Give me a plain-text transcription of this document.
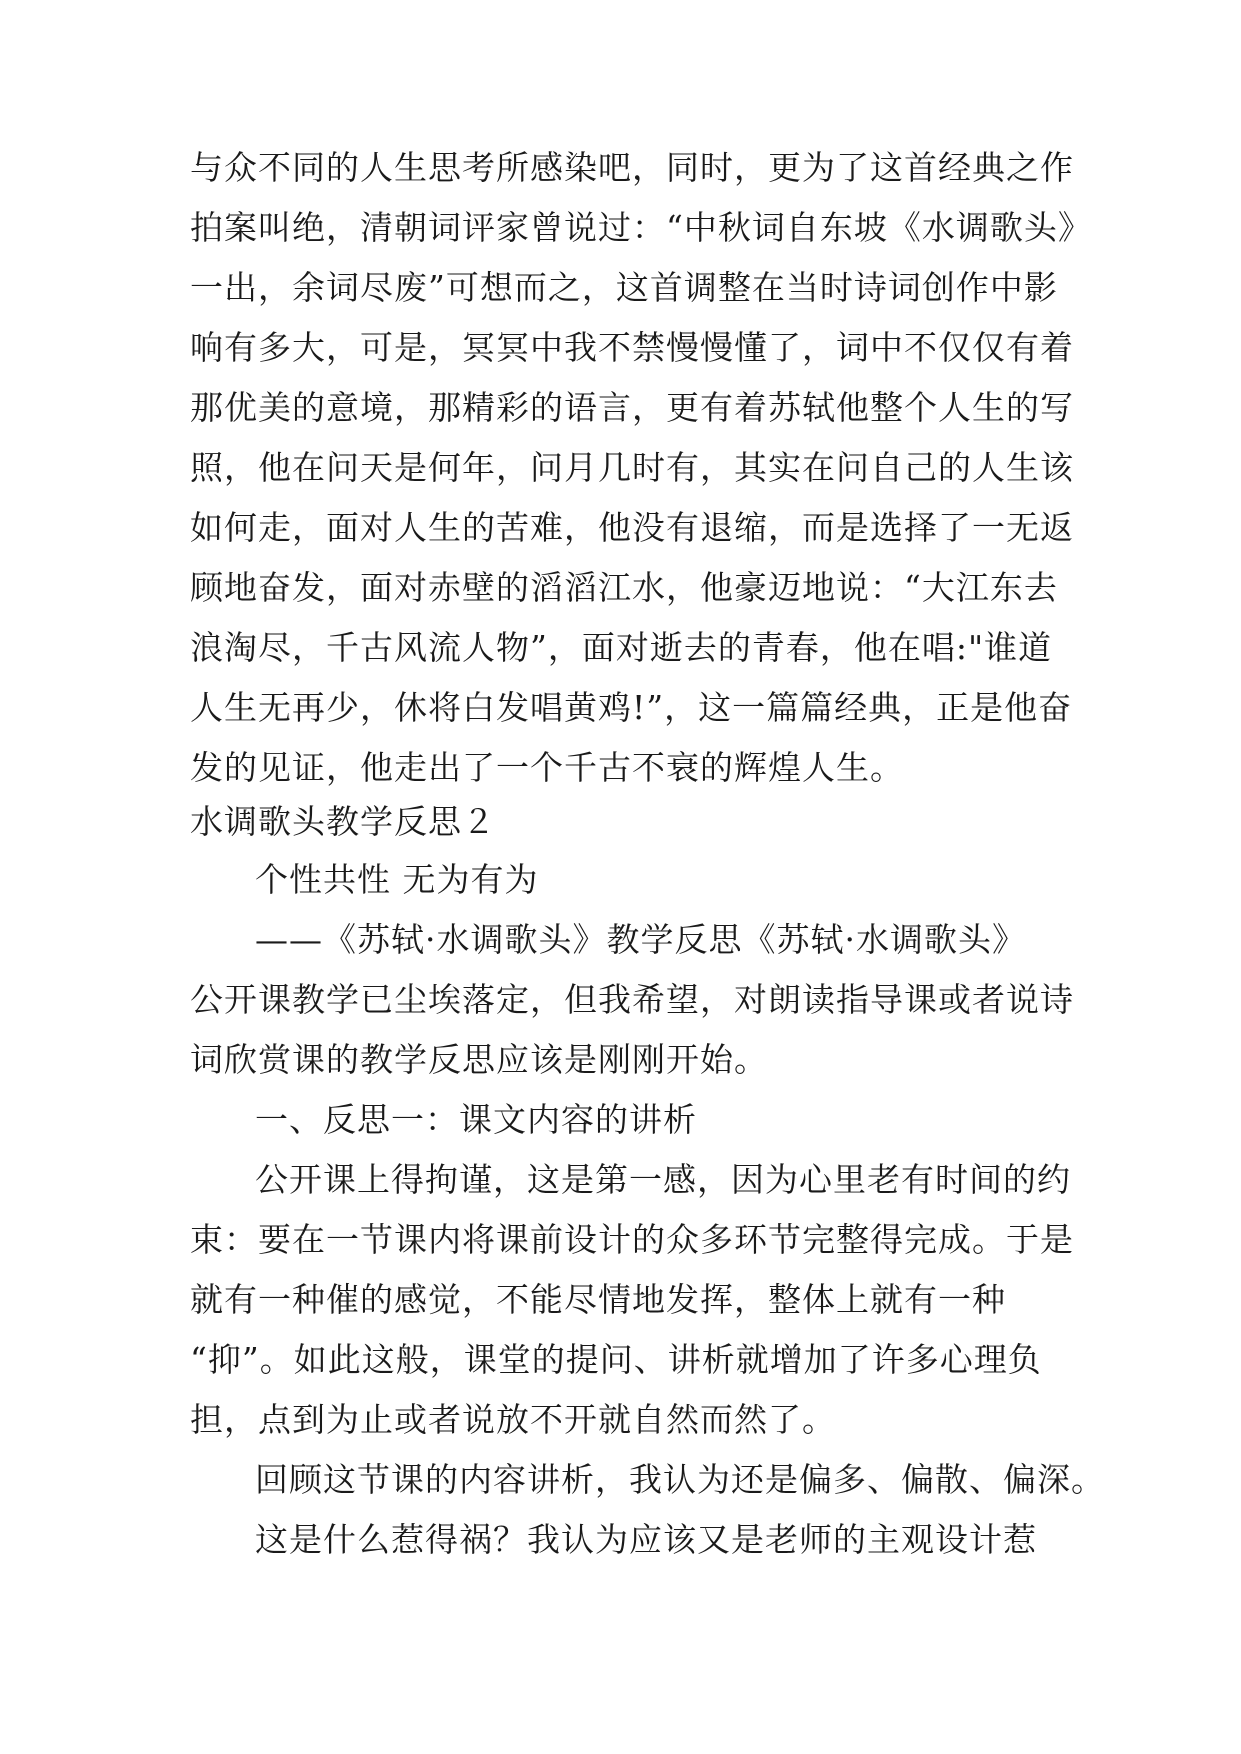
与众不同的人生思考所感染吧，同时，更为了这首经典之作
拍案叫绝，清朝词评家曾说过：“中秋词自东坡《水调歌头》
一出，余词尽废”可想而之，这首调整在当时诗词创作中影
响有多大，可是，冥冥中我不禁慢慢懂了，词中不仅仅有着
那优美的意境，那精彩的语言，更有着苏轼他整个人生的写
照，他在问天是何年，问月几时有，其实在问自己的人生该
如何走，面对人生的苦难，他没有退缩，而是选择了一无返
顾地奋发，面对赤壁的滔滔江水，他豪迈地说：“大江东去
浪淘尽，千古风流人物”，面对逝去的青春，他在唱:"谁道
人生无再少，休将白发唱黄鸡!”，这一篇篇经典，正是他奋
发的见证，他走出了一个千古不衰的辉煌人生。
水调歌头教学反思２
个性共性 无为有为
——《苏轼·水调歌头》教学反思《苏轼·水调歌头》
公开课教学已尘埃落定，但我希望，对朗读指导课或者说诗
词欣赏课的教学反思应该是刚刚开始。
一、反思一：课文内容的讲析
公开课上得拘谨，这是第一感，因为心里老有时间的约
束：要在一节课内将课前设计的众多环节完整得完成。于是
就有一种催的感觉，不能尽情地发挥，整体上就有一种
“抑”。如此这般，课堂的提问、讲析就增加了许多心理负
担，点到为止或者说放不开就自然而然了。
回顾这节课的内容讲析，我认为还是偏多、偏散、偏深。
这是什么惹得祸？我认为应该又是老师的主观设计惹
